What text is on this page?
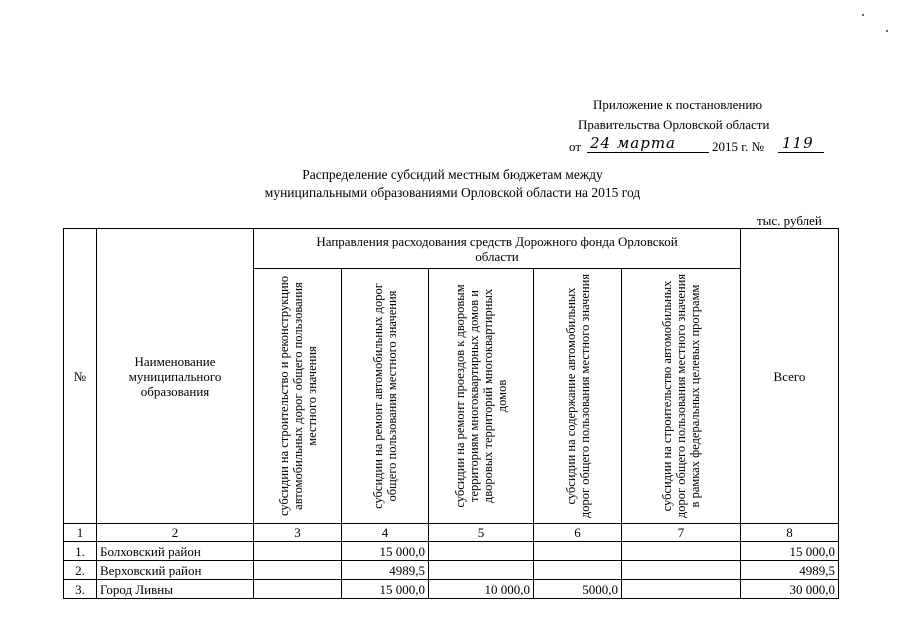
Приложение к постановлению
Правительства Орловской области
от 24 марта	2015 г. № 119
Распределение субсидий местным бюджетам между
муниципальными образованиями Орловской области на 2015 год
тыс. рублей
№	Наименование муниципального образования	Направления расходования средств Дорожного фонда Орловской области					Всего

		субсидии на строительство и реконструкцию автомобильных дорог общего пользования местного значения	субсидии на ремонт автомобильных дорог общего пользования местного значения	субсидии на ремонт проездов к дворовым территориям многоквартирных домов и дворовых территорий многоквартирных домов	субсидии на содержание автомобильных дорог общего пользования местного значения	субсидии на строительство автомобильных дорог общего пользования местного значения в рамках федеральных целевых программ	

1	2	3	4	5	6	7	8
1.	Болховский район		15 000,0				15 000,0
2.	Верховский район		4989,5				4989,5
3.	Город Ливны		15 000,0	10 000,0	5000,0		30 000,0
